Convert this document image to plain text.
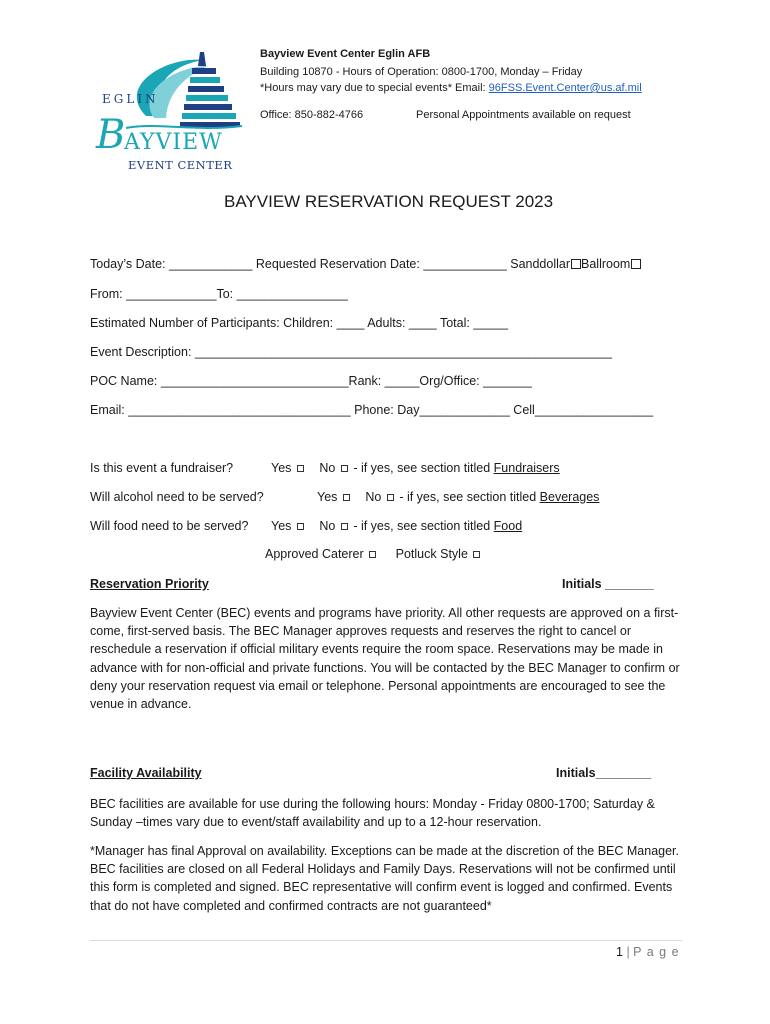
EGLIN
B
AYVIEW
EVENT CENTER
Bayview Event Center Eglin AFB
Building 10870 - Hours of Operation: 0800-1700, Monday – Friday
*Hours may vary due to special events* Email: 96FSS.Event.Center@us.af.mil
Office: 850-882-4766	Personal Appointments available on request
BAYVIEW RESERVATION REQUEST 2023
Today’s Date: ____________ Requested Reservation Date: ____________ Sanddollar Ballroom
From: _____________To: ________________
Estimated Number of Participants: Children: ____ Adults: ____ Total: _____
Event Description: ____________________________________________________________
POC Name: ___________________________Rank: _____Org/Office: _______
Email: ________________________________ Phone: Day_____________ Cell_________________
Is this event a fundraiser?	Yes No - if yes, see section titled Fundraisers
Will alcohol need to be served?	Yes No - if yes, see section titled Beverages
Will food need to be served? Yes No - if yes, see section titled Food
Approved Caterer	Potluck Style
Reservation Priority	Initials _______
Bayview Event Center (BEC) events and programs have priority. All other requests are approved on a first-come, first-served basis. The BEC Manager approves requests and reserves the right to cancel or reschedule a reservation if official military events require the room space. Reservations may be made in advance with for non-official and private functions. You will be contacted by the BEC Manager to confirm or deny your reservation request via email or telephone. Personal appointments are encouraged to see the venue in advance.
Facility Availability	Initials________
BEC facilities are available for use during the following hours: Monday - Friday 0800-1700; Saturday & Sunday –times vary due to event/staff availability and up to a 12-hour reservation.
*Manager has final Approval on availability. Exceptions can be made at the discretion of the BEC Manager. BEC facilities are closed on all Federal Holidays and Family Days. Reservations will not be confirmed until this form is completed and signed. BEC representative will confirm event is logged and confirmed. Events that do not have completed and confirmed contracts are not guaranteed*
1 | P a g e
